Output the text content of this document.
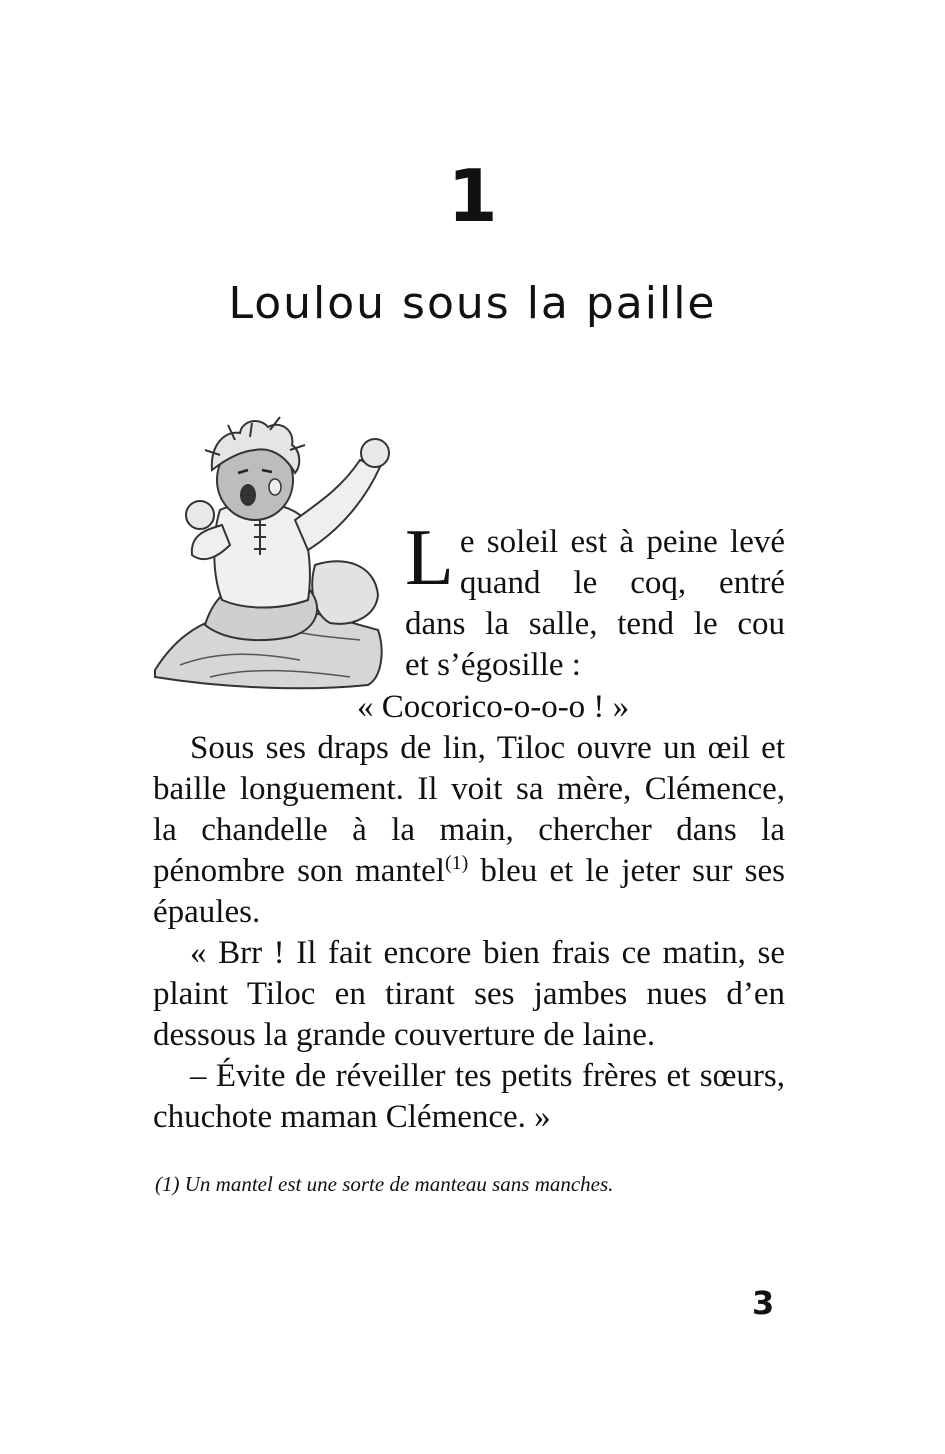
1
Loulou sous la paille
L e soleil est à peine levé
quand le coq, entré
dans la salle, tend le cou
et s’égosille :
« Cocorico-o-o-o ! »

Sous ses draps de lin, Tiloc ouvre un œil et baille longuement. Il voit sa mère, Clémence, la chandelle à la main, chercher dans la pénombre son mantel$^{(1)}$ bleu et le jeter sur ses épaules.

« Brr ! Il fait encore bien frais ce matin, se plaint Tiloc en tirant ses jambes nues d’en dessous la grande couverture de laine.

– Évite de réveiller tes petits frères et sœurs, chuchote maman Clémence. »

(1) Un mantel est une sorte de manteau sans manches.
3
